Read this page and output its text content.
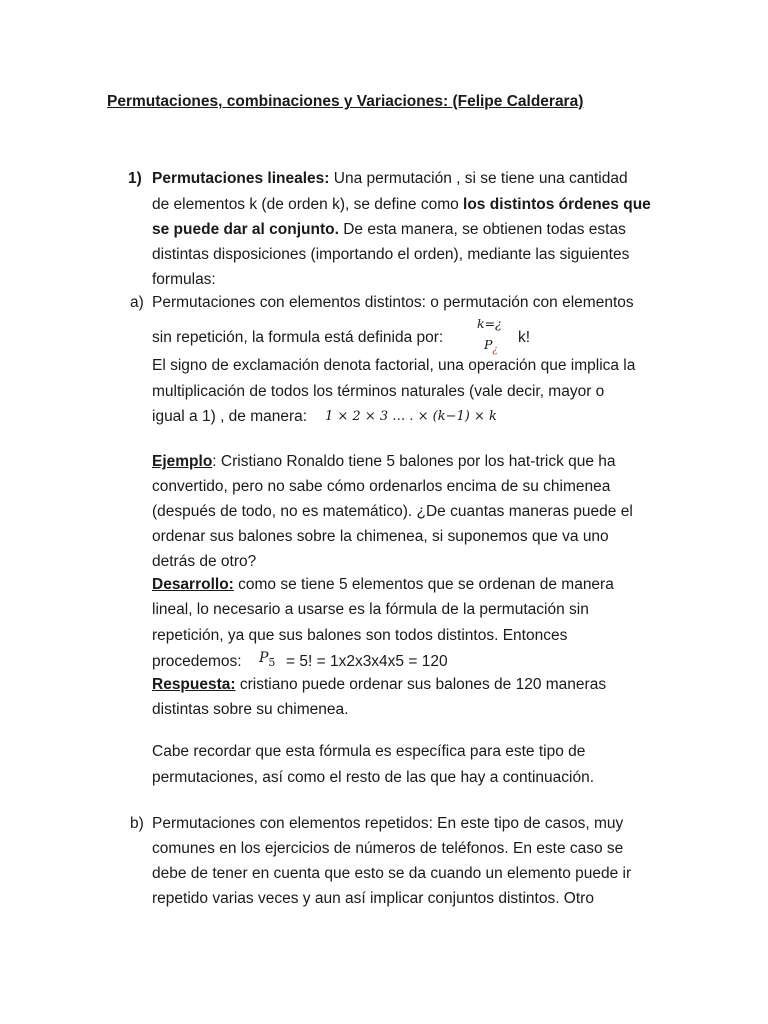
Permutaciones, combinaciones y Variaciones: (Felipe Calderara)
1) Permutaciones lineales: Una permutación , si se tiene una cantidad
de elementos k (de orden k), se define como los distintos órdenes que
se puede dar al conjunto. De esta manera, se obtienen todas estas
distintas disposiciones (importando el orden), mediante las siguientes
formulas:
a) Permutaciones con elementos distintos: o permutación con elementos
sin repetición, la formula está definida por:
k=¿
$P_¿$
k!
El signo de exclamación denota factorial, una operación que implica la
multiplicación de todos los términos naturales (vale decir, mayor o
igual a 1) , de manera: 1 × 2 × 3 … . × (k−1) × k
Ejemplo: Cristiano Ronaldo tiene 5 balones por los hat-trick que ha
convertido, pero no sabe cómo ordenarlos encima de su chimenea
(después de todo, no es matemático). ¿De cuantas maneras puede el
ordenar sus balones sobre la chimenea, si suponemos que va uno
detrás de otro?
Desarrollo: como se tiene 5 elementos que se ordenan de manera
lineal, lo necesario a usarse es la fórmula de la permutación sin
repetición, ya que sus balones son todos distintos. Entonces
procedemos: $P_5 = 5$! = 1x2x3x4x5 = 120
Respuesta: cristiano puede ordenar sus balones de 120 maneras
distintas sobre su chimenea.
Cabe recordar que esta fórmula es específica para este tipo de
permutaciones, así como el resto de las que hay a continuación.
b) Permutaciones con elementos repetidos: En este tipo de casos, muy
comunes en los ejercicios de números de teléfonos. En este caso se
debe de tener en cuenta que esto se da cuando un elemento puede ir
repetido varias veces y aun así implicar conjuntos distintos. Otro
